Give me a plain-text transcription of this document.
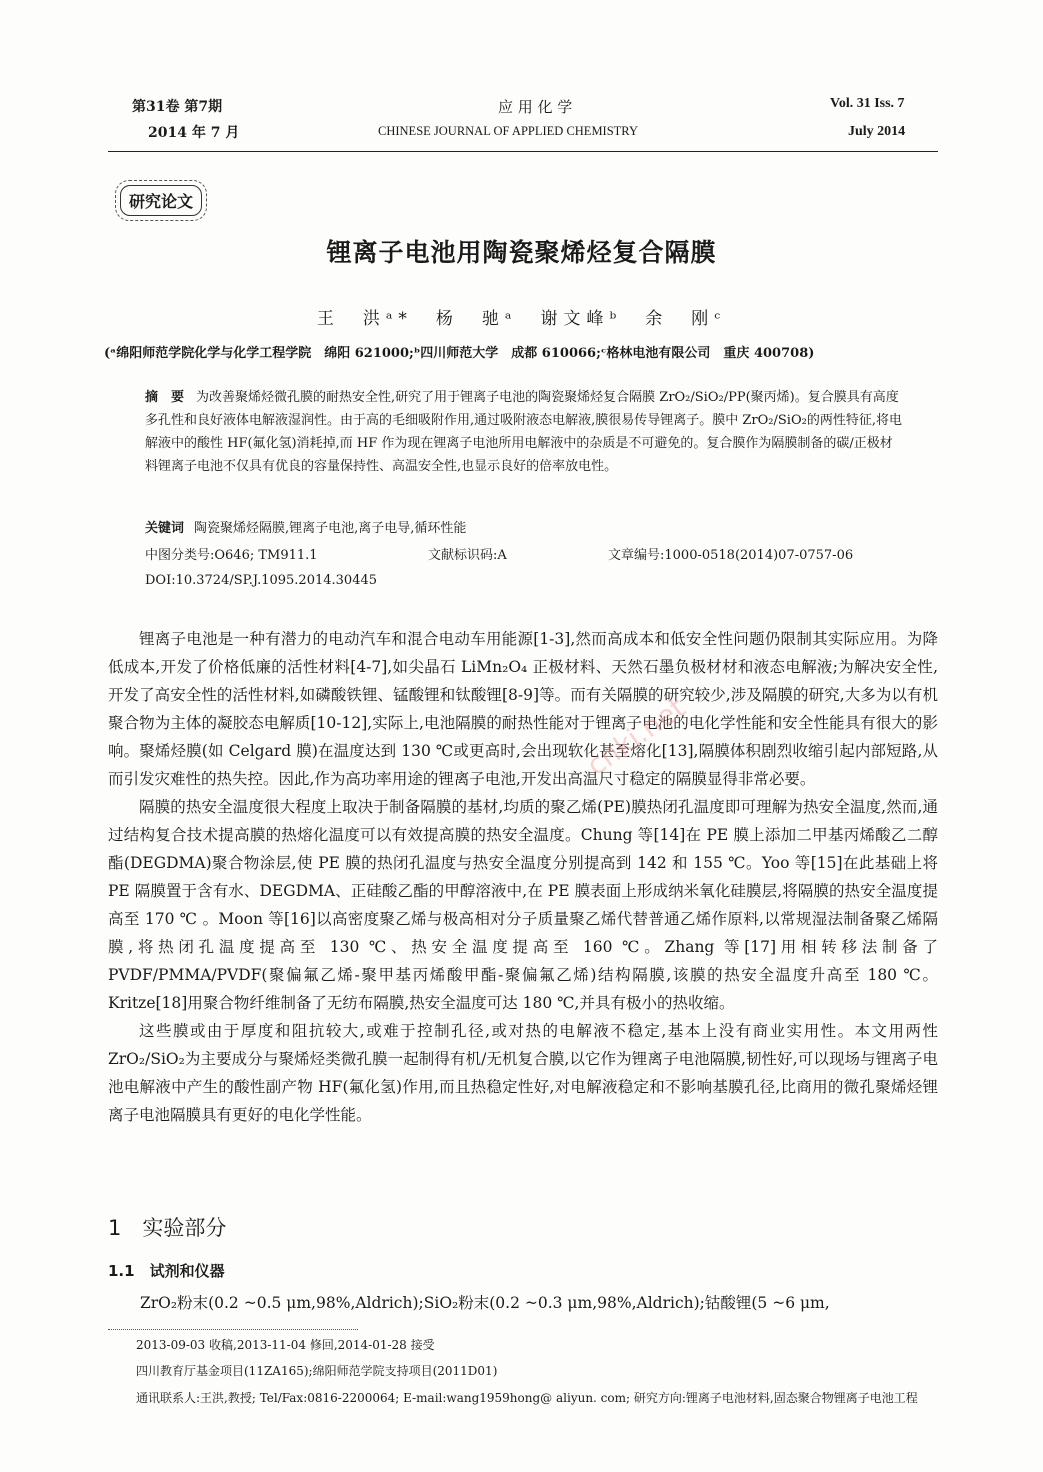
第31卷 第7期
2014 年 7 月
应 用 化 学
CHINESE JOURNAL OF APPLIED CHEMISTRY
Vol. 31 Iss. 7
July 2014
研究论文
锂离子电池用陶瓷聚烯烃复合隔膜
王　洪ᵃ*　杨　驰ᵃ　谢文峰ᵇ　余　刚ᶜ
(ᵃ绵阳师范学院化学与化学工程学院　绵阳 621000;ᵇ四川师范大学　成都 610066;ᶜ格林电池有限公司　重庆 400708)
摘　要 为改善聚烯烃微孔膜的耐热安全性,研究了用于锂离子电池的陶瓷聚烯烃复合隔膜 ZrO₂/SiO₂/PP(聚丙烯)。复合膜具有高度多孔性和良好液体电解液湿润性。由于高的毛细吸附作用,通过吸附液态电解液,膜很易传导锂离子。膜中 ZrO₂/SiO₂的两性特征,将电解液中的酸性 HF(氟化氢)消耗掉,而 HF 作为现在锂离子电池所用电解液中的杂质是不可避免的。复合膜作为隔膜制备的碳/正极材料锂离子电池不仅具有优良的容量保持性、高温安全性,也显示良好的倍率放电性。
关键词 陶瓷聚烯烃隔膜,锂离子电池,离子电导,循环性能
中图分类号:O646; TM911.1	文献标识码:A	文章编号:1000-0518(2014)07-0757-06
DOI:10.3724/SP.J.1095.2014.30445

锂离子电池是一种有潜力的电动汽车和混合电动车用能源[1-3],然而高成本和低安全性问题仍限制其实际应用。为降低成本,开发了价格低廉的活性材料[4-7],如尖晶石 LiMn₂O₄ 正极材料、天然石墨负极材材和液态电解液;为解决安全性,开发了高安全性的活性材料,如磷酸铁锂、锰酸锂和钛酸锂[8-9]等。而有关隔膜的研究较少,涉及隔膜的研究,大多为以有机聚合物为主体的凝胶态电解质[10-12],实际上,电池隔膜的耐热性能对于锂离子电池的电化学性能和安全性能具有很大的影响。聚烯烃膜(如 Celgard 膜)在温度达到 130 ℃或更高时,会出现软化甚至熔化[13],隔膜体积剧烈收缩引起内部短路,从而引发灾难性的热失控。因此,作为高功率用途的锂离子电池,开发出高温尺寸稳定的隔膜显得非常必要。

隔膜的热安全温度很大程度上取决于制备隔膜的基材,均质的聚乙烯(PE)膜热闭孔温度即可理解为热安全温度,然而,通过结构复合技术提高膜的热熔化温度可以有效提高膜的热安全温度。Chung 等[14]在 PE 膜上添加二甲基丙烯酸乙二醇酯(DEGDMA)聚合物涂层,使 PE 膜的热闭孔温度与热安全温度分别提高到 142 和 155 ℃。Yoo 等[15]在此基础上将 PE 隔膜置于含有水、DEGDMA、正硅酸乙酯的甲醇溶液中,在 PE 膜表面上形成纳米氧化硅膜层,将隔膜的热安全温度提高至 170 ℃ 。Moon 等[16]以高密度聚乙烯与极高相对分子质量聚乙烯代替普通乙烯作原料,以常规湿法制备聚乙烯隔膜,将热闭孔温度提高至 130 ℃、热安全温度提高至 160 ℃。Zhang 等[17]用相转移法制备了 PVDF/PMMA/PVDF(聚偏氟乙烯-聚甲基丙烯酸甲酯-聚偏氟乙烯)结构隔膜,该膜的热安全温度升高至 180 ℃。Kritze[18]用聚合物纤维制备了无纺布隔膜,热安全温度可达 180 ℃,并具有极小的热收缩。

这些膜或由于厚度和阻抗较大,或难于控制孔径,或对热的电解液不稳定,基本上没有商业实用性。本文用两性 ZrO₂/SiO₂为主要成分与聚烯烃类微孔膜一起制得有机/无机复合膜,以它作为锂离子电池隔膜,韧性好,可以现场与锂离子电池电解液中产生的酸性副产物 HF(氟化氢)作用,而且热稳定性好,对电解液稳定和不影响基膜孔径,比商用的微孔聚烯烃锂离子电池隔膜具有更好的电化学性能。

cnki.net
1　实验部分
1.1　试剂和仪器
ZrO₂粉末(0.2 ~0.5 μm,98%,Aldrich);SiO₂粉末(0.2 ~0.3 μm,98%,Aldrich);钴酸锂(5 ~6 μm,
2013-09-03 收稿,2013-11-04 修回,2014-01-28 接受
四川教育厅基金项目(11ZA165);绵阳师范学院支持项目(2011D01)
通讯联系人:王洪,教授; Tel/Fax:0816-2200064; E-mail:wang1959hong@ aliyun. com; 研究方向:锂离子电池材料,固态聚合物锂离子电池工程
